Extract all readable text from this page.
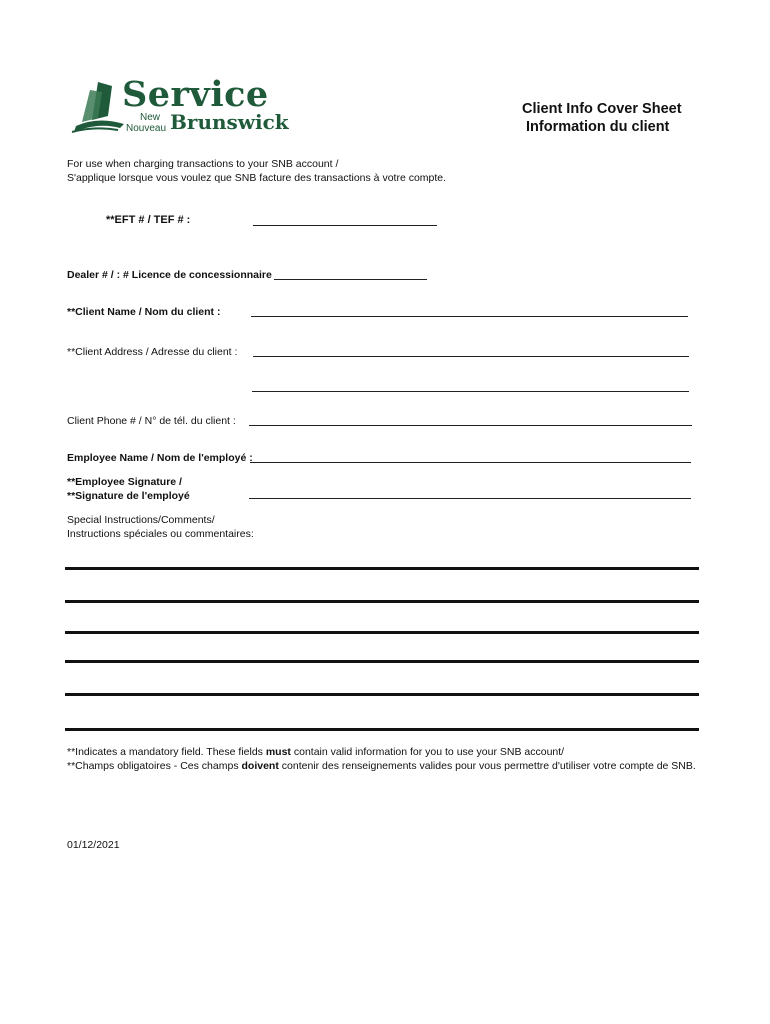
Service
New
Nouveau Brunswick
Client Info Cover Sheet
Information du client
For use when charging transactions to your SNB account /
S'applique lorsque vous voulez que SNB facture des transactions à votre compte.
**EFT # / TEF # :
Dealer # / : # Licence de concessionnaire
**Client Name / Nom du client :
**Client Address / Adresse du client :
Client Phone # / N° de tél. du client :
Employee Name / Nom de l'employé :
**Employee Signature /
**Signature de l'employé
Special Instructions/Comments/
Instructions spéciales ou commentaires:
**Indicates a mandatory field. These fields must contain valid information for you to use your SNB account/
**Champs obligatoires - Ces champs doivent contenir des renseignements valides pour vous permettre d'utiliser votre compte de SNB.
01/12/2021
